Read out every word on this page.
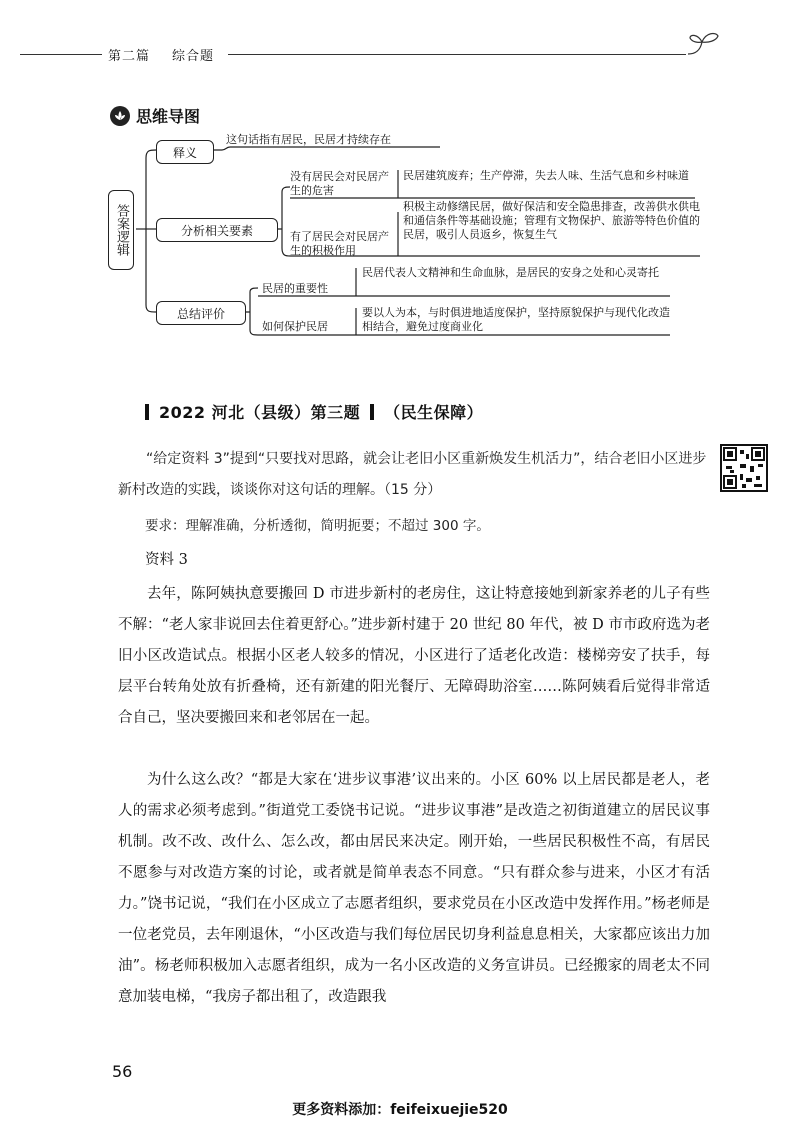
第二篇 综合题
思维导图
答案逻辑
释义
这句话指有居民，民居才持续存在
分析相关要素
没有居民会对民居产生的危害
民居建筑废弃；生产停滞，失去人味、生活气息和乡村味道
有了居民会对民居产生的积极作用
积极主动修缮民居，做好保洁和安全隐患排查，改善供水供电和通信条件等基础设施；管理有文物保护、旅游等特色价值的民居，吸引人员返乡，恢复生气
总结评价
民居的重要性
民居代表人文精神和生命血脉，是居民的安身之处和心灵寄托
如何保护民居
要以人为本，与时俱进地适度保护，坚持原貌保护与现代化改造相结合，避免过度商业化
2022 河北（县级）第三题 （民生保障）

“给定资料 3”提到“只要找对思路，就会让老旧小区重新焕发生机活力”，结合老旧小区进步新村改造的实践，谈谈你对这句话的理解。（15 分）

要求：理解准确，分析透彻，简明扼要；不超过 300 字。
资料 3

去年，陈阿姨执意要搬回 D 市进步新村的老房住，这让特意接她到新家养老的儿子有些不解：“老人家非说回去住着更舒心。”进步新村建于 20 世纪 80 年代，被 D 市市政府选为老旧小区改造试点。根据小区老人较多的情况，小区进行了适老化改造：楼梯旁安了扶手，每层平台转角处放有折叠椅，还有新建的阳光餐厅、无障碍助浴室……陈阿姨看后觉得非常适合自己，坚决要搬回来和老邻居在一起。

为什么这么改？“都是大家在‘进步议事港’议出来的。小区 60% 以上居民都是老人，老人的需求必须考虑到。”街道党工委饶书记说。“进步议事港”是改造之初街道建立的居民议事机制。改不改、改什么、怎么改，都由居民来决定。刚开始，一些居民积极性不高，有居民不愿参与对改造方案的讨论，或者就是简单表态不同意。“只有群众参与进来，小区才有活力。”饶书记说，“我们在小区成立了志愿者组织，要求党员在小区改造中发挥作用。”杨老师是一位老党员，去年刚退休，“小区改造与我们每位居民切身利益息息相关，大家都应该出力加油”。杨老师积极加入志愿者组织，成为一名小区改造的义务宣讲员。已经搬家的周老太不同意加装电梯，“我房子都出租了，改造跟我

56
更多资料添加：feifeixuejie520
